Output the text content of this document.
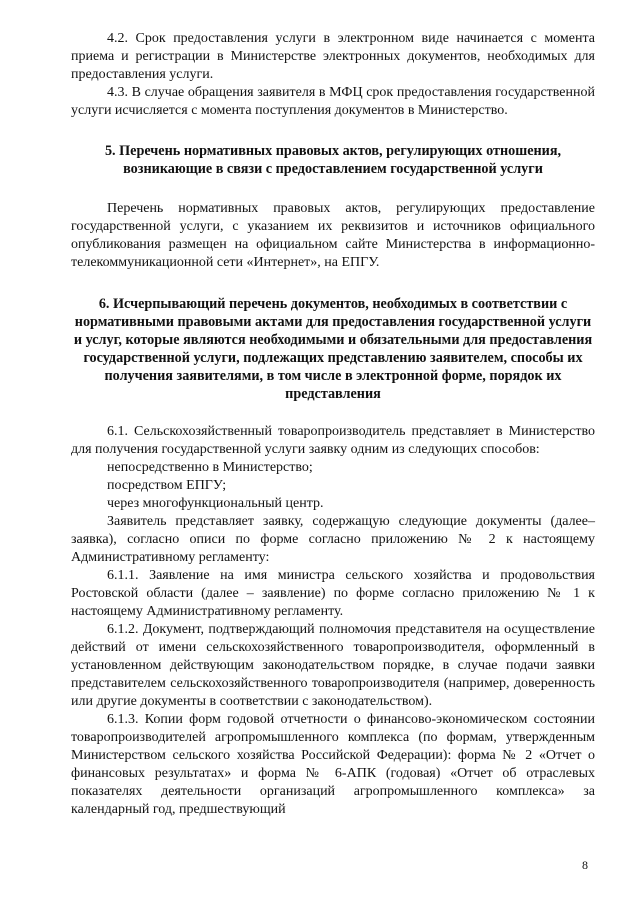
4.2. Срок предоставления услуги в электронном виде начинается с момента приема и регистрации в Министерстве электронных документов, необходимых для предоставления услуги.

4.3. В случае обращения заявителя в МФЦ срок предоставления государственной услуги исчисляется с момента поступления документов в Министерство.

5. Перечень нормативных правовых актов, регулирующих отношения, возникающие в связи с предоставлением государственной услуги

Перечень нормативных правовых актов, регулирующих предоставление государственной услуги, с указанием их реквизитов и источников официального опубликования размещен на официальном сайте Министерства в информационно-телекоммуникационной сети «Интернет», на ЕПГУ.

6. Исчерпывающий перечень документов, необходимых в соответствии с нормативными правовыми актами для предоставления государственной услуги и услуг, которые являются необходимыми и обязательными для предоставления государственной услуги, подлежащих представлению заявителем, способы их получения заявителями, в том числе в электронной форме, порядок их представления

6.1. Сельскохозяйственный товаропроизводитель представляет в Министерство для получения государственной услуги заявку одним из следующих способов:

непосредственно в Министерство;

посредством ЕПГУ;

через многофункциональный центр.

Заявитель представляет заявку, содержащую следующие документы (далее– заявка), согласно описи по форме согласно приложению № 2 к настоящему Административному регламенту:

6.1.1. Заявление на имя министра сельского хозяйства и продовольствия Ростовской области (далее – заявление) по форме согласно приложению № 1 к настоящему Административному регламенту.

6.1.2. Документ, подтверждающий полномочия представителя на осуществление действий от имени сельскохозяйственного товаропроизводителя, оформленный в установленном действующим законодательством порядке, в случае подачи заявки представителем сельскохозяйственного товаропроизводителя (например, доверенность или другие документы в соответствии с законодательством).

6.1.3. Копии форм годовой отчетности о финансово-экономическом состоянии товаропроизводителей агропромышленного комплекса (по формам, утвержденным Министерством сельского хозяйства Российской Федерации): форма № 2 «Отчет о финансовых результатах» и форма № 6-АПК (годовая) «Отчет об отраслевых показателях деятельности организаций агропромышленного комплекса» за календарный год, предшествующий

8
